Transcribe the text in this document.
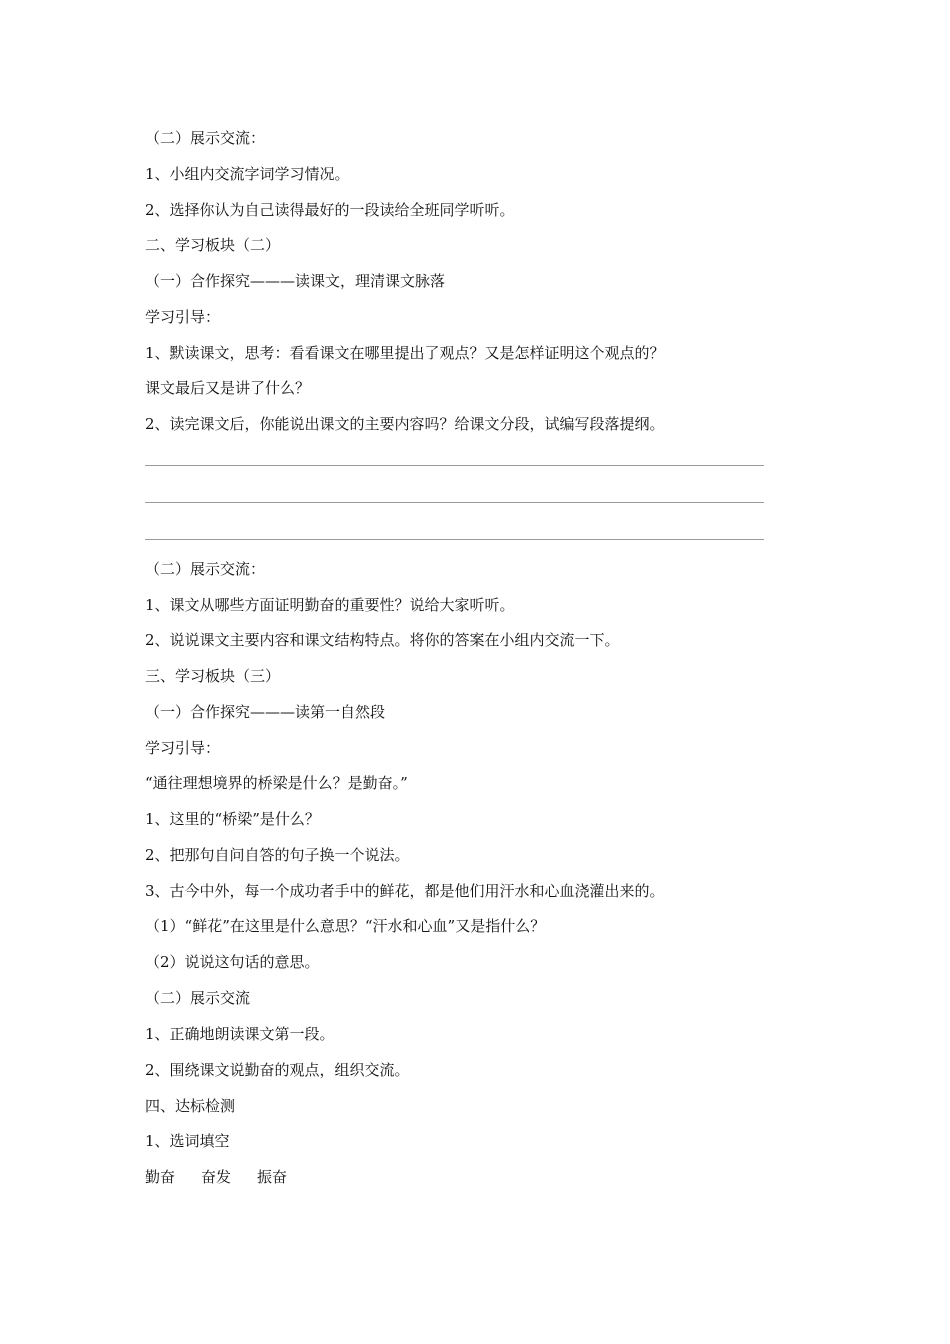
（二）展示交流：
1、小组内交流字词学习情况。
2、选择你认为自己读得最好的一段读给全班同学听听。
二、学习板块（二）
（一）合作探究———读课文，理清课文脉落
学习引导：
1、默读课文，思考：看看课文在哪里提出了观点？又是怎样证明这个观点的？
课文最后又是讲了什么？
2、读完课文后，你能说出课文的主要内容吗？给课文分段，试编写段落提纲。
（二）展示交流：
1、课文从哪些方面证明勤奋的重要性？说给大家听听。
2、说说课文主要内容和课文结构特点。将你的答案在小组内交流一下。
三、学习板块（三）
（一）合作探究———读第一自然段
学习引导：
“通往理想境界的桥梁是什么？是勤奋。”
1、这里的“桥梁”是什么？
2、把那句自问自答的句子换一个说法。
3、古今中外，每一个成功者手中的鲜花，都是他们用汗水和心血浇灌出来的。
（1）“鲜花”在这里是什么意思？“汗水和心血”又是指什么？
（2）说说这句话的意思。
（二）展示交流
1、正确地朗读课文第一段。
2、围绕课文说勤奋的观点，组织交流。
四、达标检测
1、选词填空
勤奋 奋发 振奋
